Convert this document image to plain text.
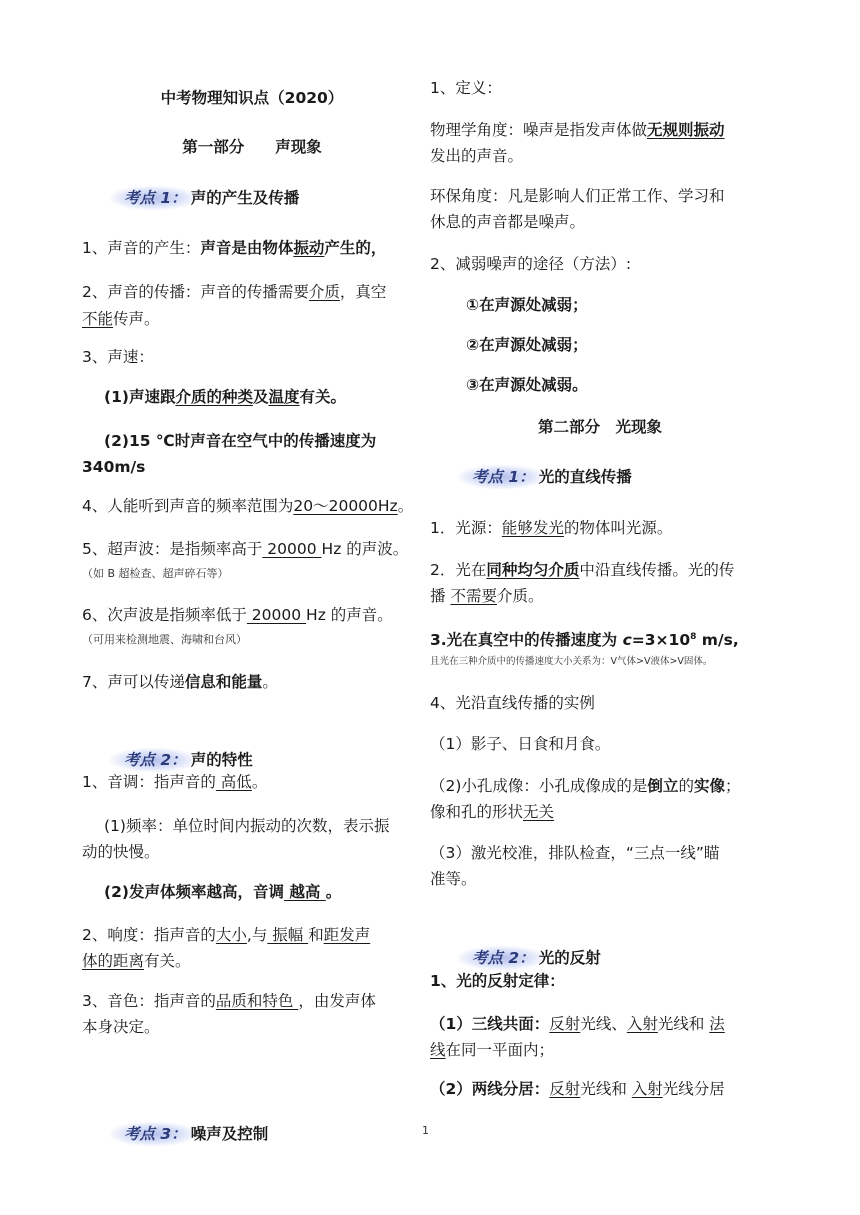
中考物理知识点（2020）
第一部分　　声现象
考点 1： 声的产生及传播
1、声音的产生：声音是由物体振动产生的，
2、声音的传播：声音的传播需要介质，真空
不能传声。
3、声速：
(1)声速跟介质的种类及温度有关。
(2)15 ℃时声音在空气中的传播速度为
340m/s
4、人能听到声音的频率范围为20～20000Hz。
5、超声波：是指频率高于 20000 Hz 的声波。
（如 B 超检查、超声碎石等）
6、次声波是指频率低于 20000 Hz 的声音。
（可用来检测地震、海啸和台风）
7、声可以传递信息和能量。
考点 2： 声的特性
1、音调：指声音的 高低。
(1)频率：单位时间内振动的次数，表示振
动的快慢。
(2)发声体频率越高，音调 越高 。
2、响度：指声音的大小,与 振幅 和距发声
体的距离有关。
3、音色：指声音的品质和特色 ，由发声体
本身决定。
考点 3： 噪声及控制
1、定义：
物理学角度：噪声是指发声体做无规则振动
发出的声音。
环保角度：凡是影响人们正常工作、学习和
休息的声音都是噪声。
2、减弱噪声的途径（方法）:
①在声源处减弱；
②在声源处减弱；
③在声源处减弱。
第二部分　光现象
考点 1： 光的直线传播
1．光源：能够发光的物体叫光源。
2．光在同种均匀介质中沿直线传播。光的传
播 不需要介质。
3.光在真空中的传播速度为 $c=3\times 10^8$ m/s,
且光在三种介质中的传播速度大小关系为：V气体>V液体>V固体。
4、光沿直线传播的实例
（1）影子、日食和月食。
（2)小孔成像：小孔成像成的是倒立的实像；
像和孔的形状无关
（3）激光校准，排队检查，“三点一线”瞄
准等。
考点 2： 光的反射
1、光的反射定律：
（1）三线共面：反射光线、入射光线和 法
线在同一平面内；
（2）两线分居：反射光线和 入射光线分居
1
